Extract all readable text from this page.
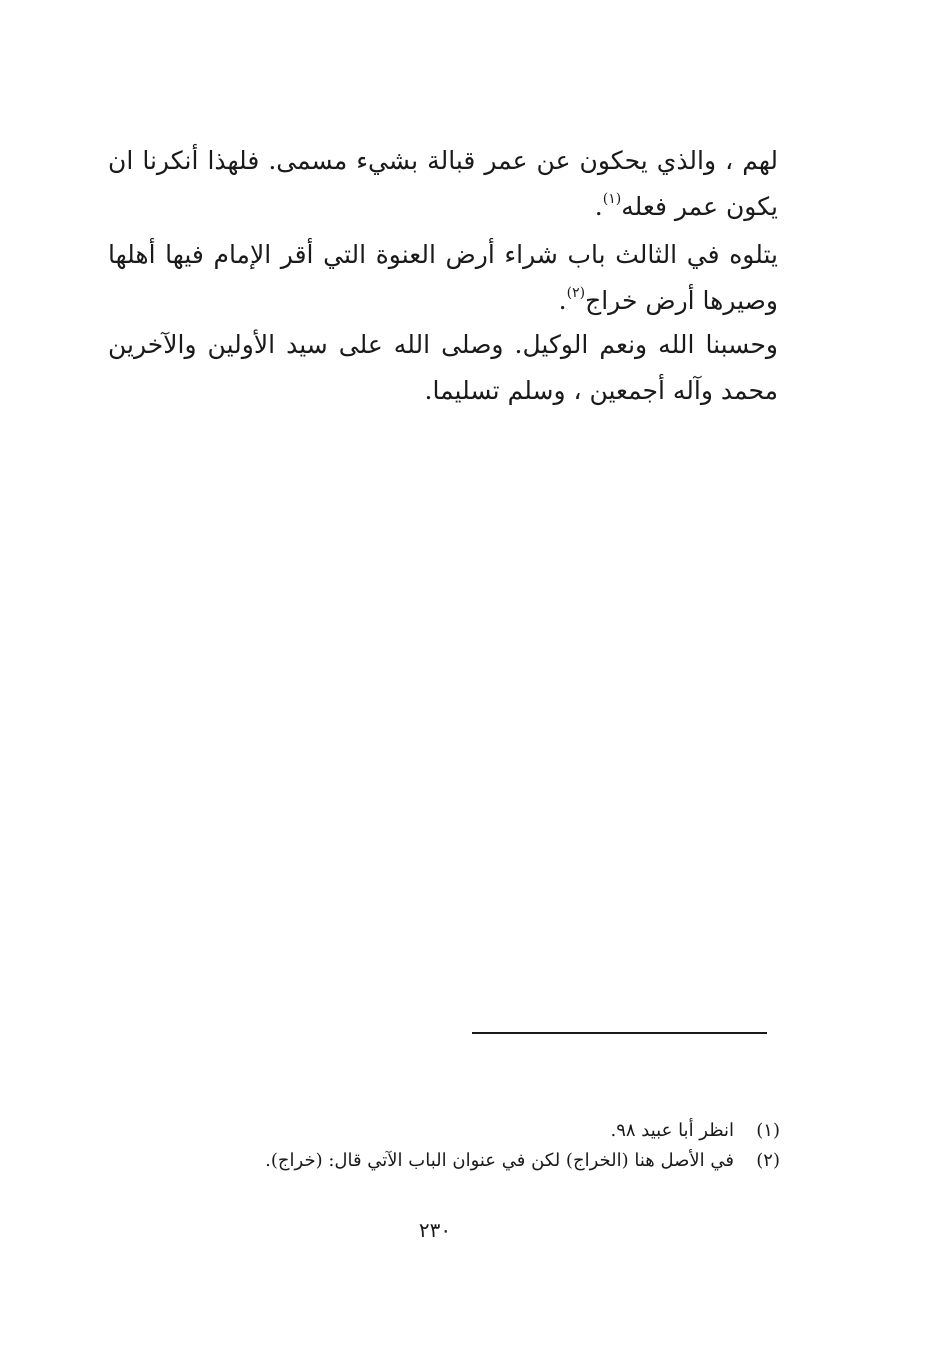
لهم ، والذي يحكون عن عمر قبالة بشيء مسمى. فلهذا أنكرنا ان يكون عمر فعله$^{(١)}$.

يتلوه في الثالث باب شراء أرض العنوة التي أقر الإمام فيها أهلها وصيرها أرض خراج$^{(٢)}$.

وحسبنا الله ونعم الوكيل. وصلى الله على سيد الأولين والآخرين محمد وآله أجمعين ، وسلم تسليما.

(١)
انظر أبا عبيد ٩٨.
(٢)
في الأصل هنا (الخراج) لكن في عنوان الباب الآتي قال: (خراج).
٢٣٠
